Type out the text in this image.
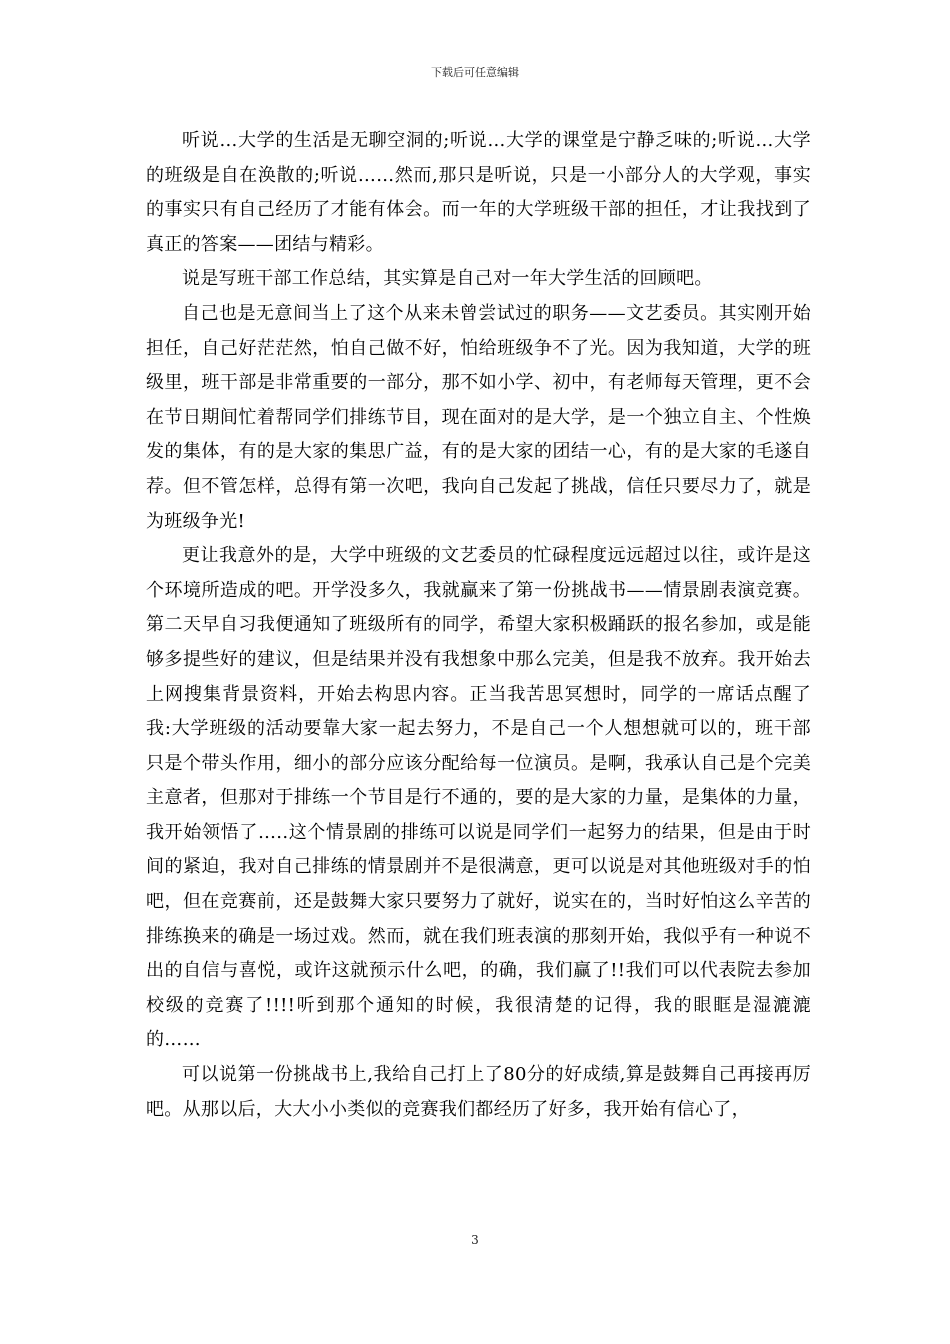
下载后可任意编辑

听说…大学的生活是无聊空洞的;听说…大学的课堂是宁静乏味的;听说…大学的班级是自在涣散的;听说……然而,那只是听说，只是一小部分人的大学观，事实的事实只有自己经历了才能有体会。而一年的大学班级干部的担任，才让我找到了真正的答案——团结与精彩。

说是写班干部工作总结，其实算是自己对一年大学生活的回顾吧。

自己也是无意间当上了这个从来未曾尝试过的职务——文艺委员。其实刚开始担任，自己好茫茫然，怕自己做不好，怕给班级争不了光。因为我知道，大学的班级里，班干部是非常重要的一部分，那不如小学、初中，有老师每天管理，更不会在节日期间忙着帮同学们排练节目，现在面对的是大学，是一个独立自主、个性焕发的集体，有的是大家的集思广益，有的是大家的团结一心，有的是大家的毛遂自荐。但不管怎样，总得有第一次吧，我向自己发起了挑战，信任只要尽力了，就是为班级争光!

更让我意外的是，大学中班级的文艺委员的忙碌程度远远超过以往，或许是这个环境所造成的吧。开学没多久，我就赢来了第一份挑战书——情景剧表演竞赛。第二天早自习我便通知了班级所有的同学，希望大家积极踊跃的报名参加，或是能够多提些好的建议，但是结果并没有我想象中那么完美，但是我不放弃。我开始去上网搜集背景资料，开始去构思内容。正当我苦思冥想时，同学的一席话点醒了我:大学班级的活动要靠大家一起去努力，不是自己一个人想想就可以的，班干部只是个带头作用，细小的部分应该分配给每一位演员。是啊，我承认自己是个完美主意者，但那对于排练一个节目是行不通的，要的是大家的力量，是集体的力量，我开始领悟了…..这个情景剧的排练可以说是同学们一起努力的结果，但是由于时间的紧迫，我对自己排练的情景剧并不是很满意，更可以说是对其他班级对手的怕吧，但在竞赛前，还是鼓舞大家只要努力了就好，说实在的，当时好怕这么辛苦的排练换来的确是一场过戏。然而，就在我们班表演的那刻开始，我似乎有一种说不出的自信与喜悦，或许这就预示什么吧，的确，我们赢了!!我们可以代表院去参加校级的竞赛了!!!!听到那个通知的时候，我很清楚的记得，我的眼眶是湿漉漉的……

可以说第一份挑战书上,我给自己打上了80分的好成绩,算是鼓舞自己再接再厉吧。从那以后，大大小小类似的竞赛我们都经历了好多，我开始有信心了，

3
